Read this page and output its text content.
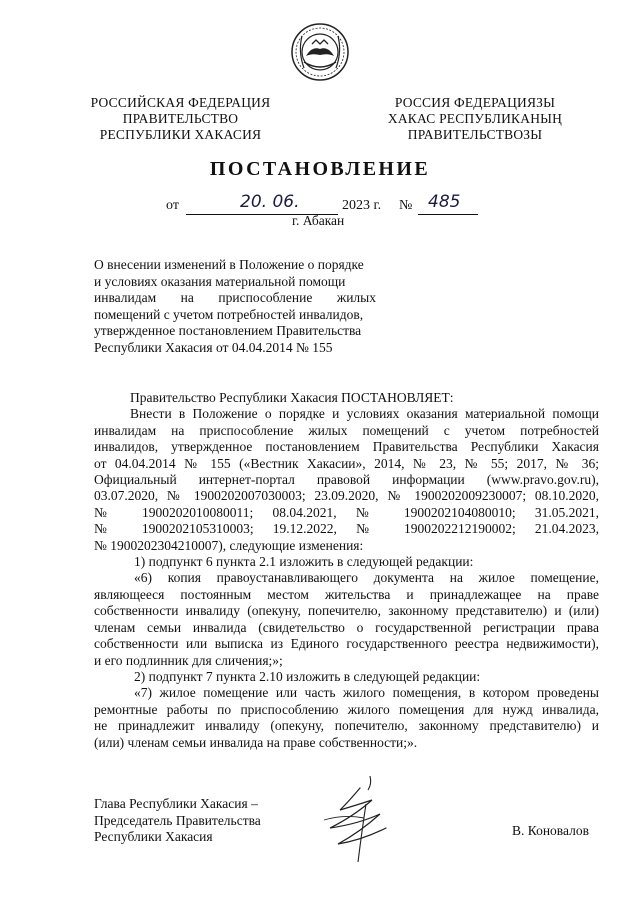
РОССИЙСКАЯ ФЕДЕРАЦИЯ
ПРАВИТЕЛЬСТВО
РЕСПУБЛИКИ ХАКАСИЯ
РОССИЯ ФЕДЕРАЦИЯЗЫ
ХАКАС РЕСПУБЛИКАНЫҢ
ПРАВИТЕЛЬСТВОЗЫ
ПОСТАНОВЛЕНИЕ
от	20. 06.	2023 г. № 485
г. Абакан
О внесении изменений в Положение о порядке
и условиях оказания материальной помощи
инвалидам на приспособление жилых
помещений с учетом потребностей инвалидов,
утвержденное постановлением Правительства
Республики Хакасия от 04.04.2014 № 155
Правительство Республики Хакасия ПОСТАНОВЛЯЕТ:
Внести в Положение о порядке и условиях оказания материальной помощи
инвалидам на приспособление жилых помещений с учетом потребностей
инвалидов, утвержденное постановлением Правительства Республики Хакасия
от 04.04.2014 № 155 («Вестник Хакасии», 2014, № 23, № 55; 2017, № 36;
Официальный интернет-портал правовой информации (www.pravo.gov.ru),
03.07.2020, № 1900202007030003; 23.09.2020, № 1900202009230007; 08.10.2020,
№ 1900202010080011; 08.04.2021, № 1900202104080010; 31.05.2021,
№ 1900202105310003; 19.12.2022, № 1900202212190002; 21.04.2023,
№ 1900202304210007), следующие изменения:
1) подпункт 6 пункта 2.1 изложить в следующей редакции:
«6) копия правоустанавливающего документа на жилое помещение,
являющееся постоянным местом жительства и принадлежащее на праве
собственности инвалиду (опекуну, попечителю, законному представителю) и (или)
членам семьи инвалида (свидетельство о государственной регистрации права
собственности или выписка из Единого государственного реестра недвижимости),
и его подлинник для сличения;»;
2) подпункт 7 пункта 2.10 изложить в следующей редакции:
«7) жилое помещение или часть жилого помещения, в котором проведены
ремонтные работы по приспособлению жилого помещения для нужд инвалида,
не принадлежит инвалиду (опекуну, попечителю, законному представителю) и
(или) членам семьи инвалида на праве собственности;».
Глава Республики Хакасия –
Председатель Правительства
Республики Хакасия	В. Коновалов
